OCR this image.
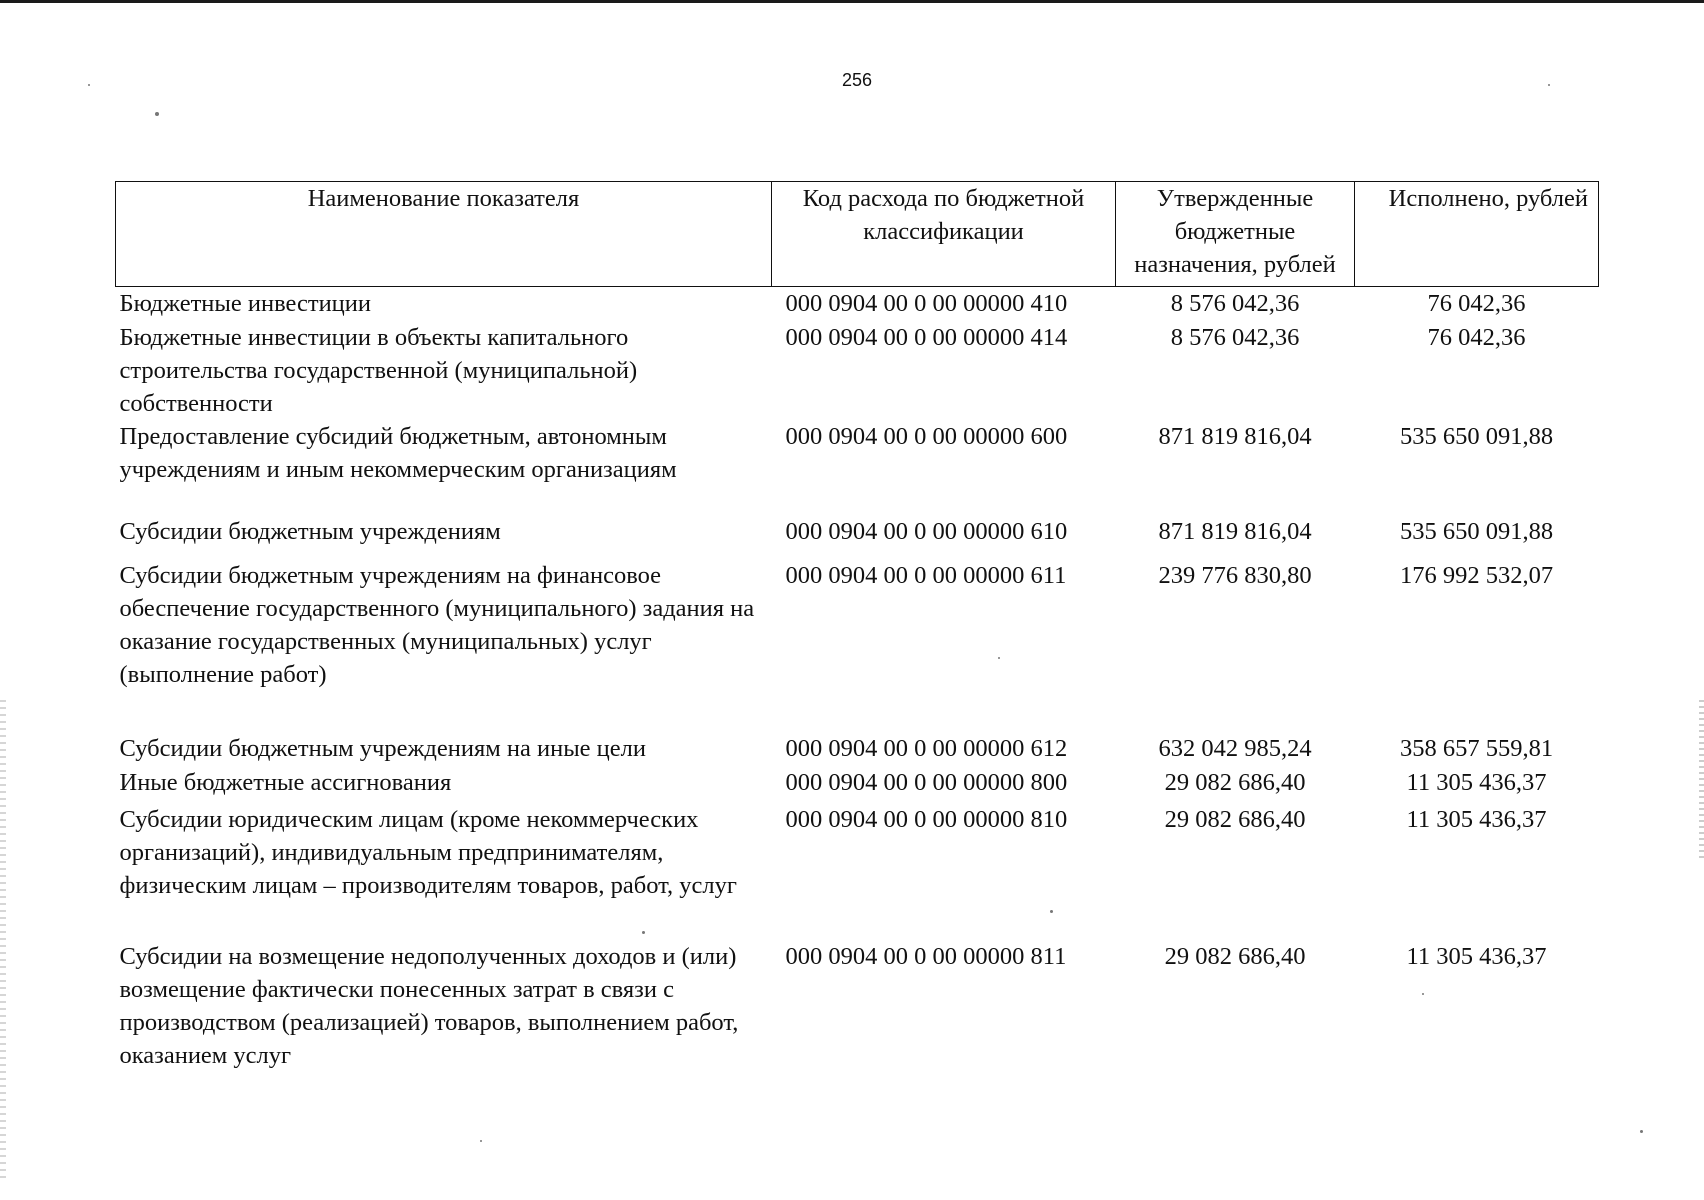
256
Наименование показателя	Код расхода по бюджетной классификации	Утвержденные бюджетные назначения, рублей	Исполнено, рублей
Бюджетные инвестиции	000 0904 00 0 00 00000 410	8 576 042,36	76 042,36
Бюджетные инвестиции в объекты капитального строительства государственной (муниципальной) собственности	000 0904 00 0 00 00000 414	8 576 042,36	76 042,36
Предоставление субсидий бюджетным, автономным учреждениям и иным некоммерческим организациям	000 0904 00 0 00 00000 600	871 819 816,04	535 650 091,88
Субсидии бюджетным учреждениям	000 0904 00 0 00 00000 610	871 819 816,04	535 650 091,88
Субсидии бюджетным учреждениям на финансовое обеспечение государственного (муниципального) задания на оказание государственных (муниципальных) услуг (выполнение работ)	000 0904 00 0 00 00000 611	239 776 830,80	176 992 532,07
Субсидии бюджетным учреждениям на иные цели	000 0904 00 0 00 00000 612	632 042 985,24	358 657 559,81
Иные бюджетные ассигнования	000 0904 00 0 00 00000 800	29 082 686,40	11 305 436,37
Субсидии юридическим лицам (кроме некоммерческих организаций), индивидуальным предпринимателям, физическим лицам – производителям товаров, работ, услуг	000 0904 00 0 00 00000 810	29 082 686,40	11 305 436,37
Субсидии на возмещение недополученных доходов и (или) возмещение фактически понесенных затрат в связи с производством (реализацией) товаров, выполнением работ, оказанием услуг	000 0904 00 0 00 00000 811	29 082 686,40	11 305 436,37
